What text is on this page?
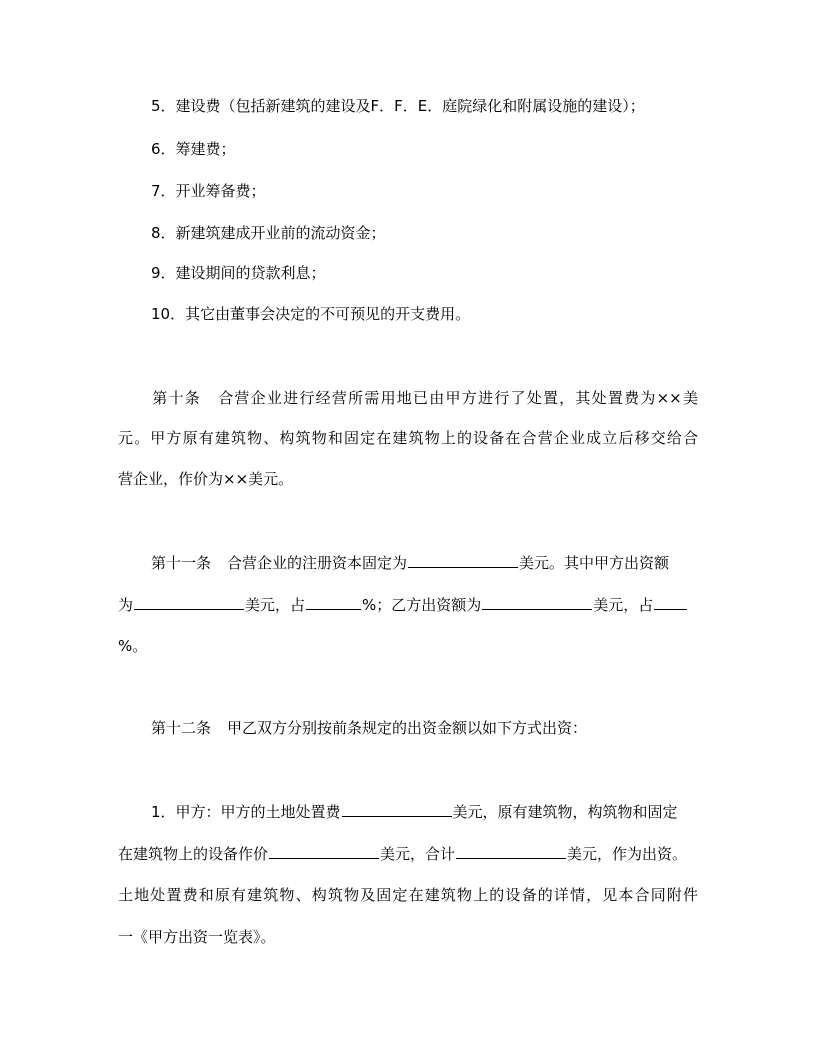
5．建设费（包括新建筑的建设及F．F．E．庭院绿化和附属设施的建设）；
6．筹建费；
7．开业筹备费；
8．新建筑建成开业前的流动资金；
9．建设期间的贷款利息；
10．其它由董事会决定的不可预见的开支费用。
第十条 合营企业进行经营所需用地已由甲方进行了处置，其处置费为××美
元。甲方原有建筑物、构筑物和固定在建筑物上的设备在合营企业成立后移交给合
营企业，作价为××美元。
第十一条 合营企业的注册资本固定为	美元。其中甲方出资额
为	美元，占	%；乙方出资额为	美元，占
%。
第十二条 甲乙双方分别按前条规定的出资金额以如下方式出资：
1．甲方：甲方的土地处置费	美元，原有建筑物，构筑物和固定
在建筑物上的设备作价	美元，合计	美元，作为出资。
土地处置费和原有建筑物、构筑物及固定在建筑物上的设备的详情，见本合同附件
一《甲方出资一览表》。
